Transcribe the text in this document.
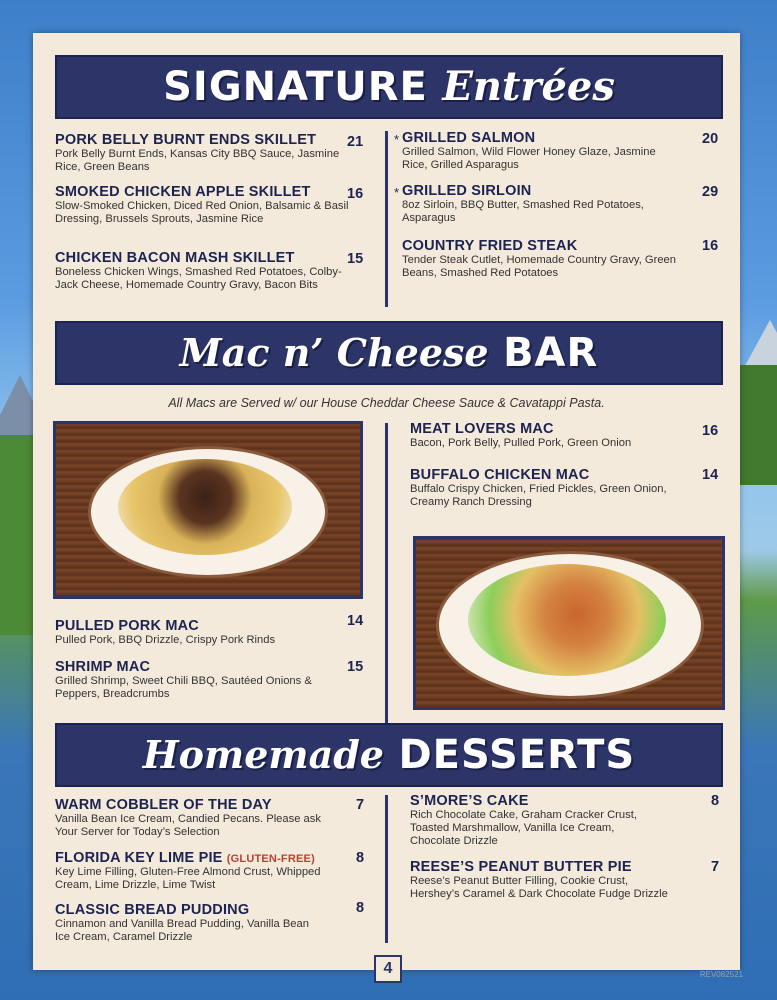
SIGNATURE Entrées
PORK BELLY BURNT ENDS SKILLET
Pork Belly Burnt Ends, Kansas City BBQ Sauce, Jasmine Rice, Green Beans
21
SMOKED CHICKEN APPLE SKILLET
Slow-Smoked Chicken, Diced Red Onion, Balsamic & Basil Dressing, Brussels Sprouts, Jasmine Rice
16
CHICKEN BACON MASH SKILLET
Boneless Chicken Wings, Smashed Red Potatoes, Colby-Jack Cheese, Homemade Country Gravy, Bacon Bits
15
* GRILLED SALMON
Grilled Salmon, Wild Flower Honey Glaze, Jasmine Rice, Grilled Asparagus
20
* GRILLED SIRLOIN
8oz Sirloin, BBQ Butter, Smashed Red Potatoes, Asparagus
29
COUNTRY FRIED STEAK
Tender Steak Cutlet, Homemade Country Gravy, Green Beans, Smashed Red Potatoes
16
Mac n’ Cheese BAR
All Macs are Served w/ our House Cheddar Cheese Sauce & Cavatappi Pasta.
MEAT LOVERS MAC
Bacon, Pork Belly, Pulled Pork, Green Onion
16
BUFFALO CHICKEN MAC
Buffalo Crispy Chicken, Fried Pickles, Green Onion, Creamy Ranch Dressing
14
PULLED PORK MAC
Pulled Pork, BBQ Drizzle, Crispy Pork Rinds
14
SHRIMP MAC
Grilled Shrimp, Sweet Chili BBQ, Sautéed Onions & Peppers, Breadcrumbs
15
Homemade DESSERTS
WARM COBBLER OF THE DAY
Vanilla Bean Ice Cream, Candied Pecans. Please ask Your Server for Today’s Selection
7
FLORIDA KEY LIME PIE (GLUTEN-FREE)
Key Lime Filling, Gluten-Free Almond Crust, Whipped Cream, Lime Drizzle, Lime Twist
8
CLASSIC BREAD PUDDING
Cinnamon and Vanilla Bread Pudding, Vanilla Bean Ice Cream, Caramel Drizzle
8
S’MORE’S CAKE
Rich Chocolate Cake, Graham Cracker Crust, Toasted Marshmallow, Vanilla Ice Cream, Chocolate Drizzle
8
REESE’S PEANUT BUTTER PIE
Reese’s Peanut Butter Filling, Cookie Crust, Hershey’s Caramel & Dark Chocolate Fudge Drizzle
7
4	REV082521
